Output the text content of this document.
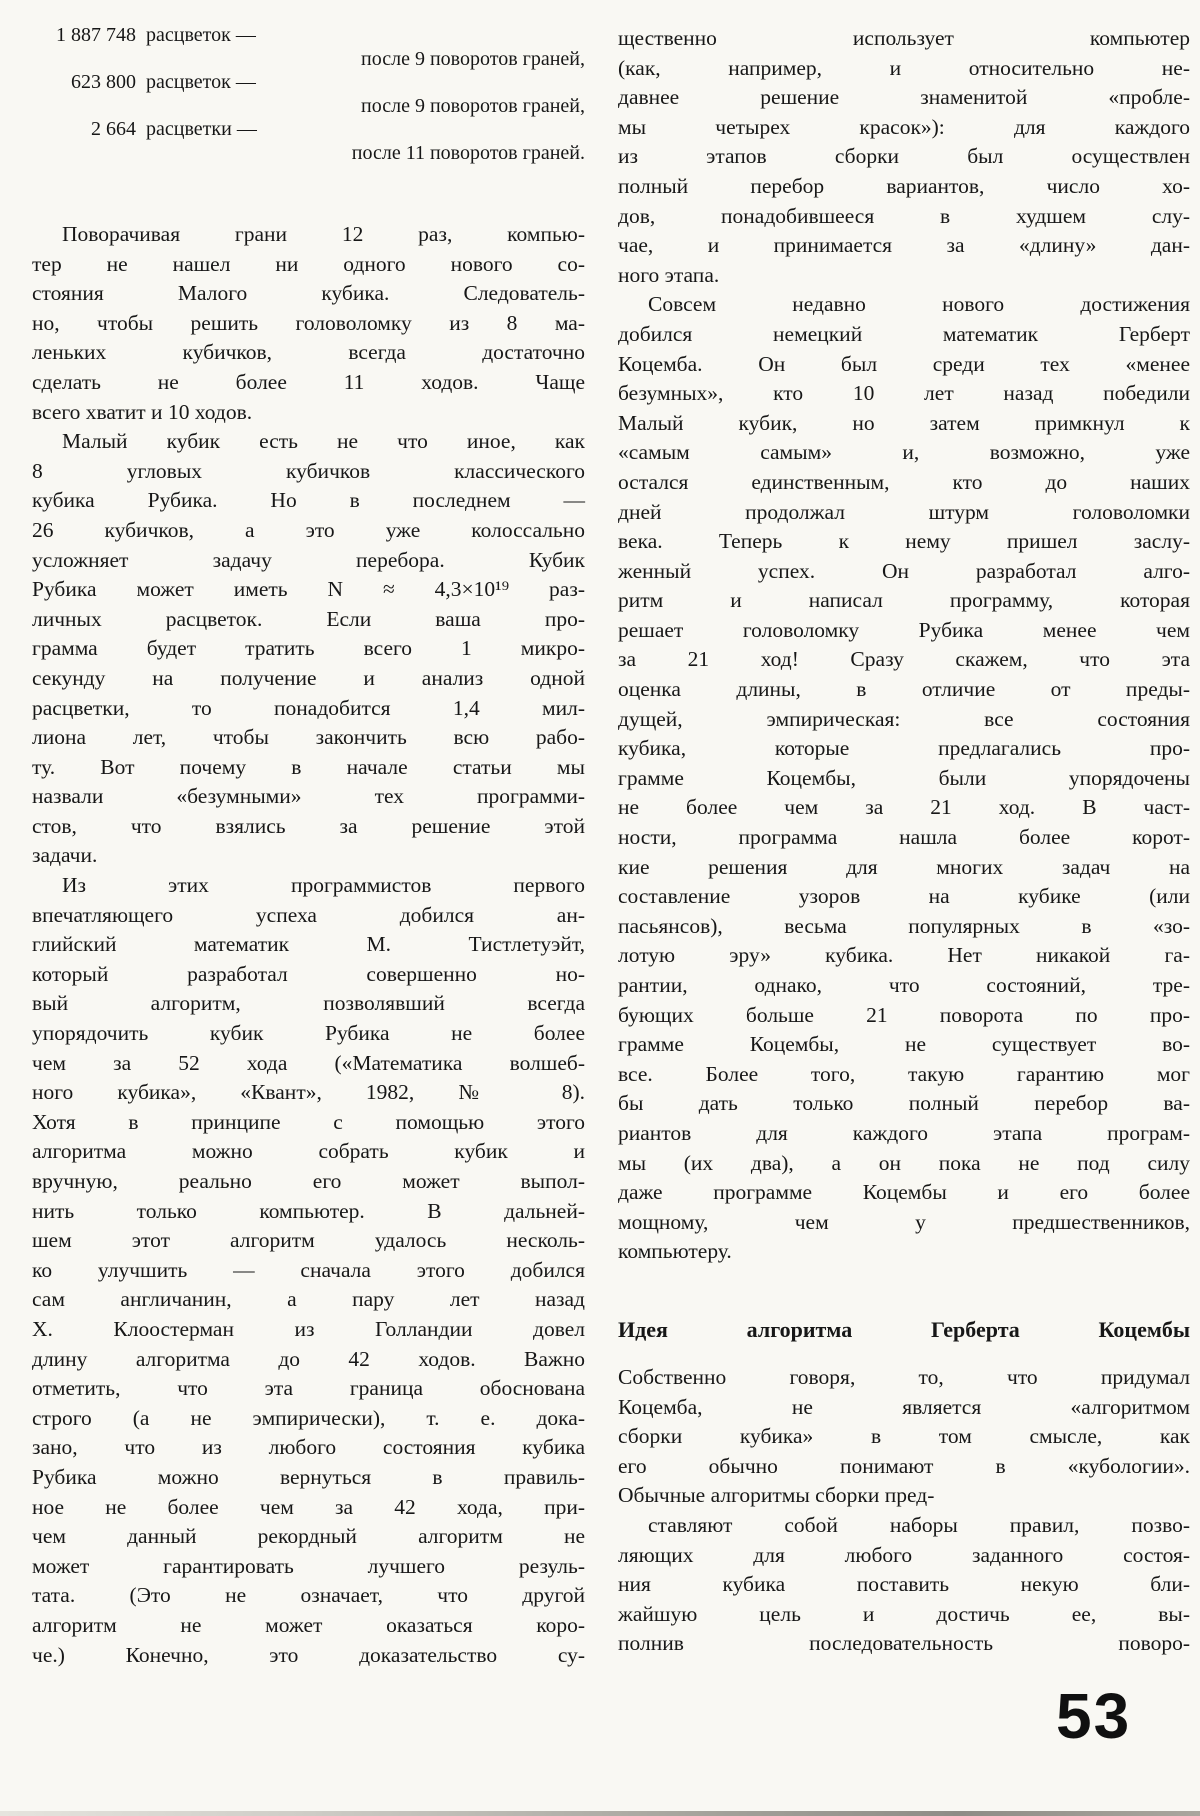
1 887 748 расцветок —
после 9 поворотов граней,
623 800 расцветок —
после 9 поворотов граней,
2 664 расцветки —
после 11 поворотов граней.
Поворачивая грани 12 раз, компью-
тер не нашел ни одного нового со-
стояния Малого кубика. Следователь-
но, чтобы решить головоломку из 8 ма-
леньких кубичков, всегда достаточно
сделать не более 11 ходов. Чаще
всего хватит и 10 ходов.
Малый кубик есть не что иное, как
8 угловых кубичков классического
кубика Рубика. Но в последнем —
26 кубичков, а это уже колоссально
усложняет задачу перебора. Кубик
Рубика может иметь N ≈ 4,3×10¹⁹ раз-
личных расцветок. Если ваша про-
грамма будет тратить всего 1 микро-
секунду на получение и анализ одной
расцветки, то понадобится 1,4 мил-
лиона лет, чтобы закончить всю рабо-
ту. Вот почему в начале статьи мы
назвали «безумными» тех программи-
стов, что взялись за решение этой
задачи.
Из этих программистов первого
впечатляющего успеха добился ан-
глийский математик М. Тистлетуэйт,
который разработал совершенно но-
вый алгоритм, позволявший всегда
упорядочить кубик Рубика не более
чем за 52 хода («Математика волшеб-
ного кубика», «Квант», 1982, № 8).
Хотя в принципе с помощью этого
алгоритма можно собрать кубик и
вручную, реально его может выпол-
нить только компьютер. В дальней-
шем этот алгоритм удалось несколь-
ко улучшить — сначала этого добился
сам англичанин, а пару лет назад
Х. Клоостерман из Голландии довел
длину алгоритма до 42 ходов. Важно
отметить, что эта граница обоснована
строго (а не эмпирически), т. е. дока-
зано, что из любого состояния кубика
Рубика можно вернуться в правиль-
ное не более чем за 42 хода, при-
чем данный рекордный алгоритм не
может гарантировать лучшего резуль-
тата. (Это не означает, что другой
алгоритм не может оказаться коро-
че.) Конечно, это доказательство су-
щественно использует компьютер
(как, например, и относительно не-
давнее решение знаменитой «пробле-
мы четырех красок»): для каждого
из этапов сборки был осуществлен
полный перебор вариантов, число хо-
дов, понадобившееся в худшем слу-
чае, и принимается за «длину» дан-
ного этапа.
Совсем недавно нового достижения
добился немецкий математик Герберт
Коцемба. Он был среди тех «менее
безумных», кто 10 лет назад победили
Малый кубик, но затем примкнул к
«самым самым» и, возможно, уже
остался единственным, кто до наших
дней продолжал штурм головоломки
века. Теперь к нему пришел заслу-
женный успех. Он разработал алго-
ритм и написал программу, которая
решает головоломку Рубика менее чем
за 21 ход! Сразу скажем, что эта
оценка длины, в отличие от преды-
дущей, эмпирическая: все состояния
кубика, которые предлагались про-
грамме Коцембы, были упорядочены
не более чем за 21 ход. В част-
ности, программа нашла более корот-
кие решения для многих задач на
составление узоров на кубике (или
пасьянсов), весьма популярных в «зо-
лотую эру» кубика. Нет никакой га-
рантии, однако, что состояний, тре-
бующих больше 21 поворота по про-
грамме Коцембы, не существует во-
все. Более того, такую гарантию мог
бы дать только полный перебор ва-
риантов для каждого этапа програм-
мы (их два), а он пока не под силу
даже программе Коцембы и его более
мощному, чем у предшественников,
компьютеру.
Идея алгоритма Герберта Коцембы
Собственно говоря, то, что придумал
Коцемба, не является «алгоритмом
сборки кубика» в том смысле, как
его обычно понимают в «кубологии».
Обычные алгоритмы сборки пред-
ставляют собой наборы правил, позво-
ляющих для любого заданного состоя-
ния кубика поставить некую бли-
жайшую цель и достичь ее, вы-
полнив последовательность поворо-
53
